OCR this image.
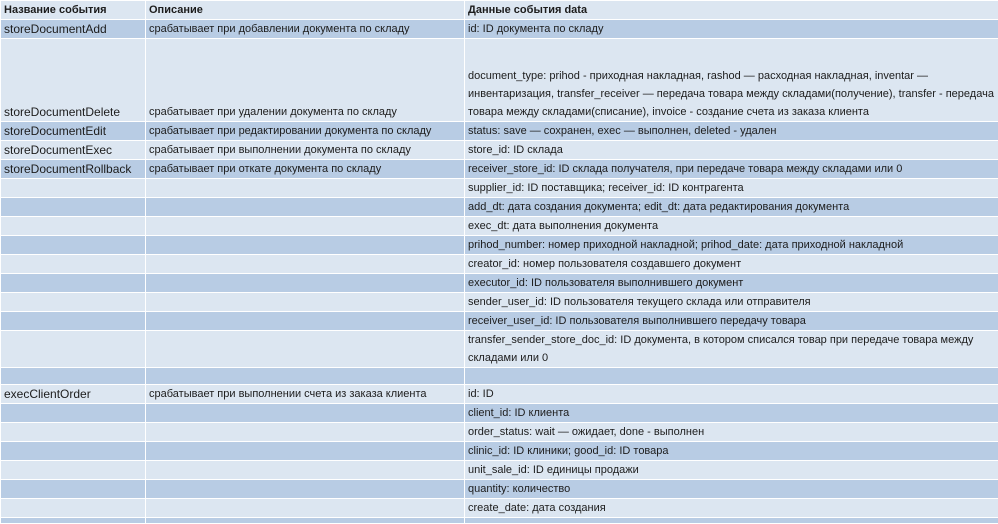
Название события	Описание	Данные события data
storeDocumentAdd	срабатывает при добавлении документа по складу	id: ID документа по складу
storeDocumentDelete	срабатывает при удалении документа по складу	document_type: prihod - приходная накладная, rashod — расходная накладная, inventar — инвентаризация, transfer_receiver — передача товара между складами(получение), transfer - передача товара между складами(списание), invoice - создание счета из заказа клиента
storeDocumentEdit	срабатывает при редактировании документа по складу	status: save — сохранен, exec — выполнен, deleted - удален
storeDocumentExec	срабатывает при выполнении документа по складу	store_id: ID склада
storeDocumentRollback	срабатывает при откате документа по складу	receiver_store_id: ID склада получателя, при передаче товара между складами или 0
		supplier_id: ID поставщика; receiver_id: ID контрагента
		add_dt: дата создания документа; edit_dt: дата редактирования документа
		exec_dt: дата выполнения документа
		prihod_number: номер приходной накладной; prihod_date: дата приходной накладной
		creator_id: номер пользователя создавшего документ
		executor_id: ID пользователя выполнившего документ
		sender_user_id: ID пользователя текущего склада или отправителя
		receiver_user_id: ID пользователя выполнившего передачу товара
		transfer_sender_store_doc_id: ID документа, в котором списался товар при передаче товара между складами или 0

execClientOrder	срабатывает при выполнении счета из заказа клиента	id: ID
		client_id: ID клиента
		order_status: wait — ожидает, done - выполнен
		clinic_id: ID клиники; good_id: ID товара
		unit_sale_id: ID единицы продажи
		quantity: количество
		create_date: дата создания
